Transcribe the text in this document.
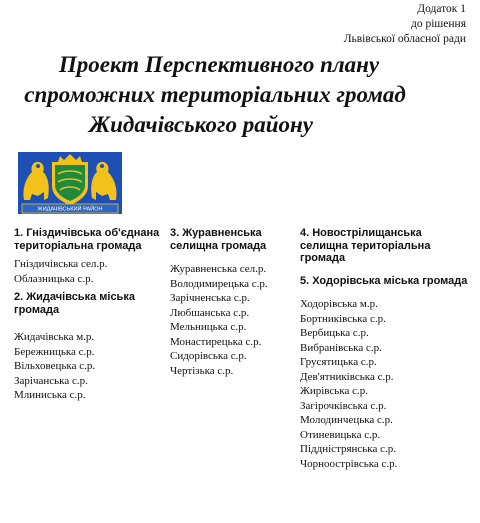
Додаток 1
до рішення
Львівської обласної ради
Проект Перспективного плану
спроможних територіальних громад
Жидачівського району
ЖИДАЧІВСЬКИЙ РАЙОН
1. Гніздичівська об'єднана територіальна громада
Гніздичівська сел.р.
Облазницька с.р.
2. Жидачівська міська громада
Жидачівська м.р.
Бережницька с.р.
Вільховецька с.р.
Зарічанська с.р.
Млиниська с.р.
3. Журавненська селищна громада
Журавненська сел.р.
Володимирецька с.р.
Зарічненська с.р.
Любшанська с.р.
Мельницька с.р.
Монастирецька с.р.
Сидорівська с.р.
Чертізька с.р.
4. Новострілищанська селищна територіальна громада
5. Ходорівська міська громада
Ходорівська м.р.
Бортниківська с.р.
Вербицька с.р.
Вибранівська с.р.
Грусятицька с.р.
Дев'ятниківська с.р.
Жирівська с.р.
Загірочківська с.р.
Молодинчецька с.р.
Отиневицька с.р.
Піддністрянська с.р.
Чорноострівська с.р.
